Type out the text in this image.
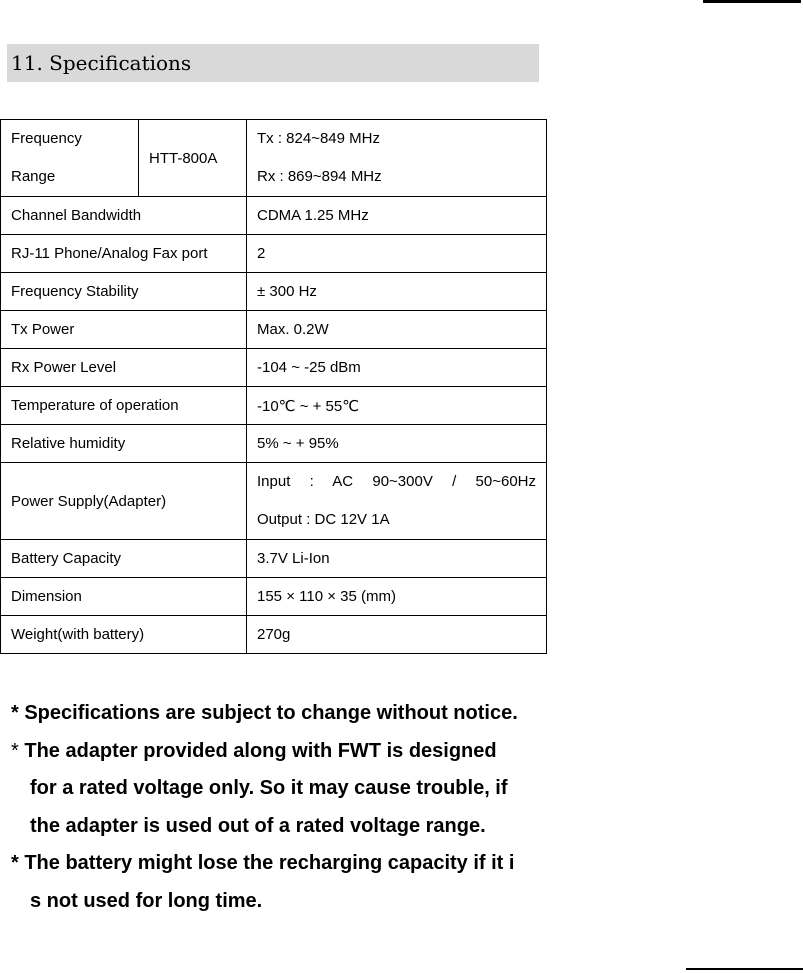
11. Specifications
Frequency
Range	HTT-800A	Tx : 824~849 MHz
Rx : 869~894 MHz

Channel Bandwidth		CDMA 1.25 MHz
RJ-11 Phone/Analog Fax port		2
Frequency Stability		± 300 Hz
Tx Power		Max. 0.2W
Rx Power Level		-104 ~ -25 dBm
Temperature of operation		-10℃ ~ + 55℃
Relative humidity		5% ~ + 95%
Power Supply(Adapter)		Input : AC 90~300V / 50~60Hz
Output : DC 12V 1A

Battery Capacity		3.7V Li-Ion
Dimension		155 × 110 × 35 (mm)
Weight(with battery)		270g

* Specifications are subject to change without notice.

* The adapter provided along with FWT is designed
for a rated voltage only. So it may cause trouble, if
the adapter is used out of a rated voltage range.

* The battery might lose the recharging capacity if it i
s not used for long time.
